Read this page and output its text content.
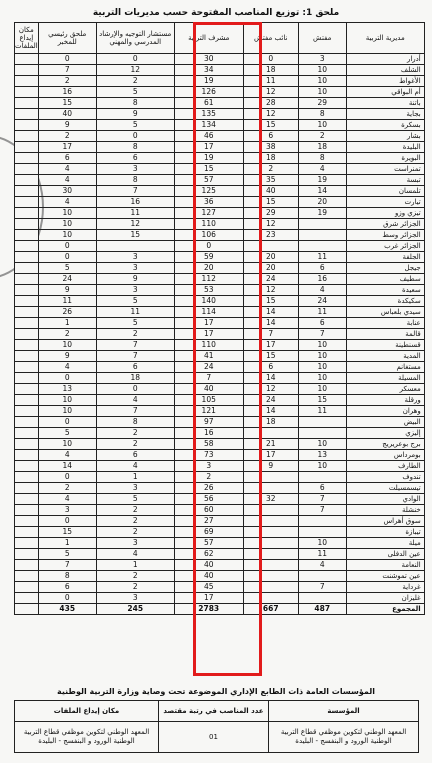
ملحق 1: توزيع المناصب المفتوحة حسب مديريات التربية
مديرية التربية	مفتش	نائب مفتش	مشرف التربية	مستشار التوجيه والإرشاد المدرسي والمهني	ملحق رئيسي للمخبر	مكان إيداع الملفات
أدرار	3	0	30	0	0	
الشلف	10	18	34	12	7	
الأغواط	10	11	19	2	2	
أم البواقي	10	12	126	5	16	
باتنة	29	28	61	8	15	
بجاية	8	12	135	9	40	
بسكرة	10	15	134	5	9	
بشار	2	6	46	0	2	
البليدة	18	38	17	8	17	
البويرة	8	18	19	6	6	
تمنراست	4	2	15	3	4	
تبسة	19	35	57	8	4	
تلمسان	14	40	125	7	30	
تيارت	20	15	36	16	4	
تيزي وزو	19	29	127	11	10	
الجزائر شرق		12	110	12	10	
الجزائر وسط		23	106	15	10	
الجزائر غرب			0		0	
الجلفة	11	20	59	3	0	
جيجل	6	20	20	3	5	
سطيف	16	24	112	9	24	
سعيدة	4	12	53	3	9	
سكيكدة	24	15	140	5	11	
سيدي بلعباس	11	14	114	11	26	
عنابة	6	14	17	5	1	
قالمة	7	7	17	2	2	
قسنطينة	10	17	110	7	10	
المدية	10	15	41	7	9	
مستغانم	10	6	24	6	4	
المسيلة	10	14	7	18	0	
معسكر	10	12	40	0	13	
ورقلة	15	24	105	4	10	
وهران	11	14	121	7	10	
البيض		18	97	8	0	
إليزي			16	2	5	
برج بوعريريج	10	21	58	2	10	
بومرداس	13	17	73	6	4	
الطارف	10	9	3	4	14	
تندوف			2	1	0	
تيسمسيلت	6		26	3	2	
الوادي	7	32	56	5	4	
خنشلة	7		60	2	3	
سوق أهراس			27	2	0	
تيبازة			69	2	15	
ميلة	10		57	3	1	
عين الدفلى	11		62	4	5	
النعامة	4		40	1	7	
عين تموشنت			40	2	8	
غرداية	7		45	2	6	
غليزان			17	3	0	
المجموع	487	667	2783	245	435	
المؤسسات العامة ذات الطابع الإداري الموضوعة تحت وصاية وزارة التربية الوطنية
المؤسسة	عدد المناصب في رتبة مقتصد	مكان إيداع الملفات
المعهد الوطني لتكوين موظفي قطاع التربية الوطنية الورود و البنفسج - البليدة	01	المعهد الوطني لتكوين موظفي قطاع التربية الوطنية الورود و البنفسج - البليدة
